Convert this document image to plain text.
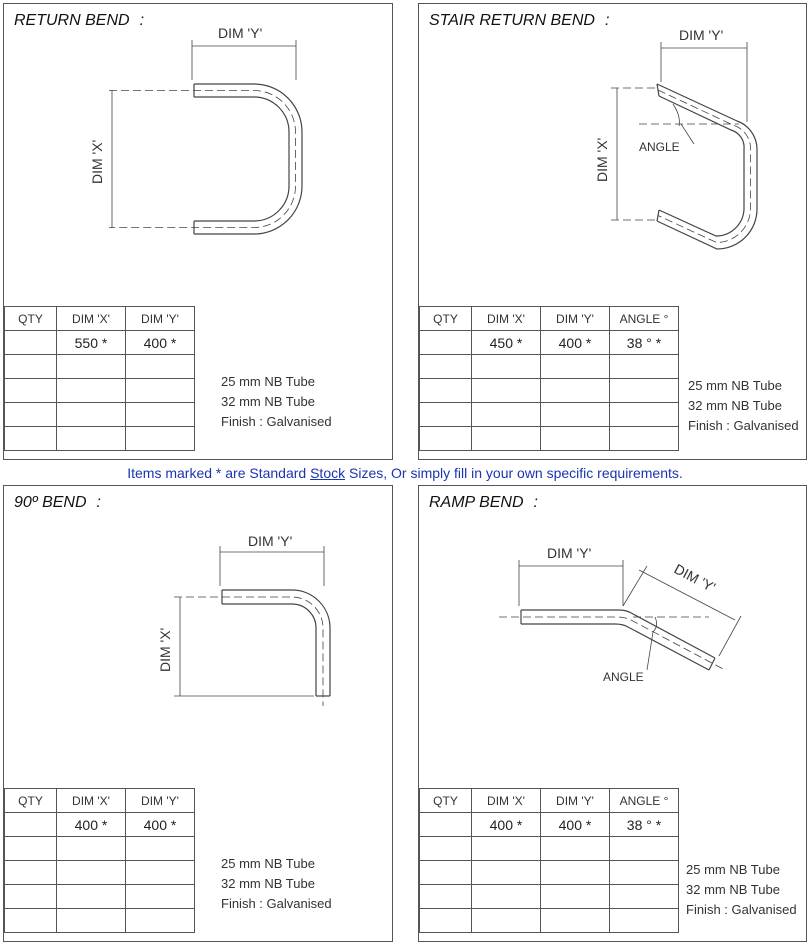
RETURN BEND :
DIM 'Y'
DIM 'X'
QTY	DIM 'X'	DIM 'Y'
	550 *	400 *

25 mm NB Tube
32 mm NB Tube
Finish : Galvanised
STAIR RETURN BEND :
DIM 'Y'
DIM 'X' ANGLE
QTY	DIM 'X'	DIM 'Y'	ANGLE °
	450 *	400 *	38 ° *

25 mm NB Tube
32 mm NB Tube
Finish : Galvanised
Items marked * are Standard Stock Sizes, Or simply fill in your own specific requirements.
90º BEND :
DIM 'Y'
DIM 'X'
QTY	DIM 'X'	DIM 'Y'
	400 *	400 *

25 mm NB Tube
32 mm NB Tube
Finish : Galvanised
RAMP BEND :
DIM 'Y'
DIM 'Y'
ANGLE
QTY	DIM 'X'	DIM 'Y'	ANGLE °
	400 *	400 *	38 ° *

25 mm NB Tube
32 mm NB Tube
Finish : Galvanised
